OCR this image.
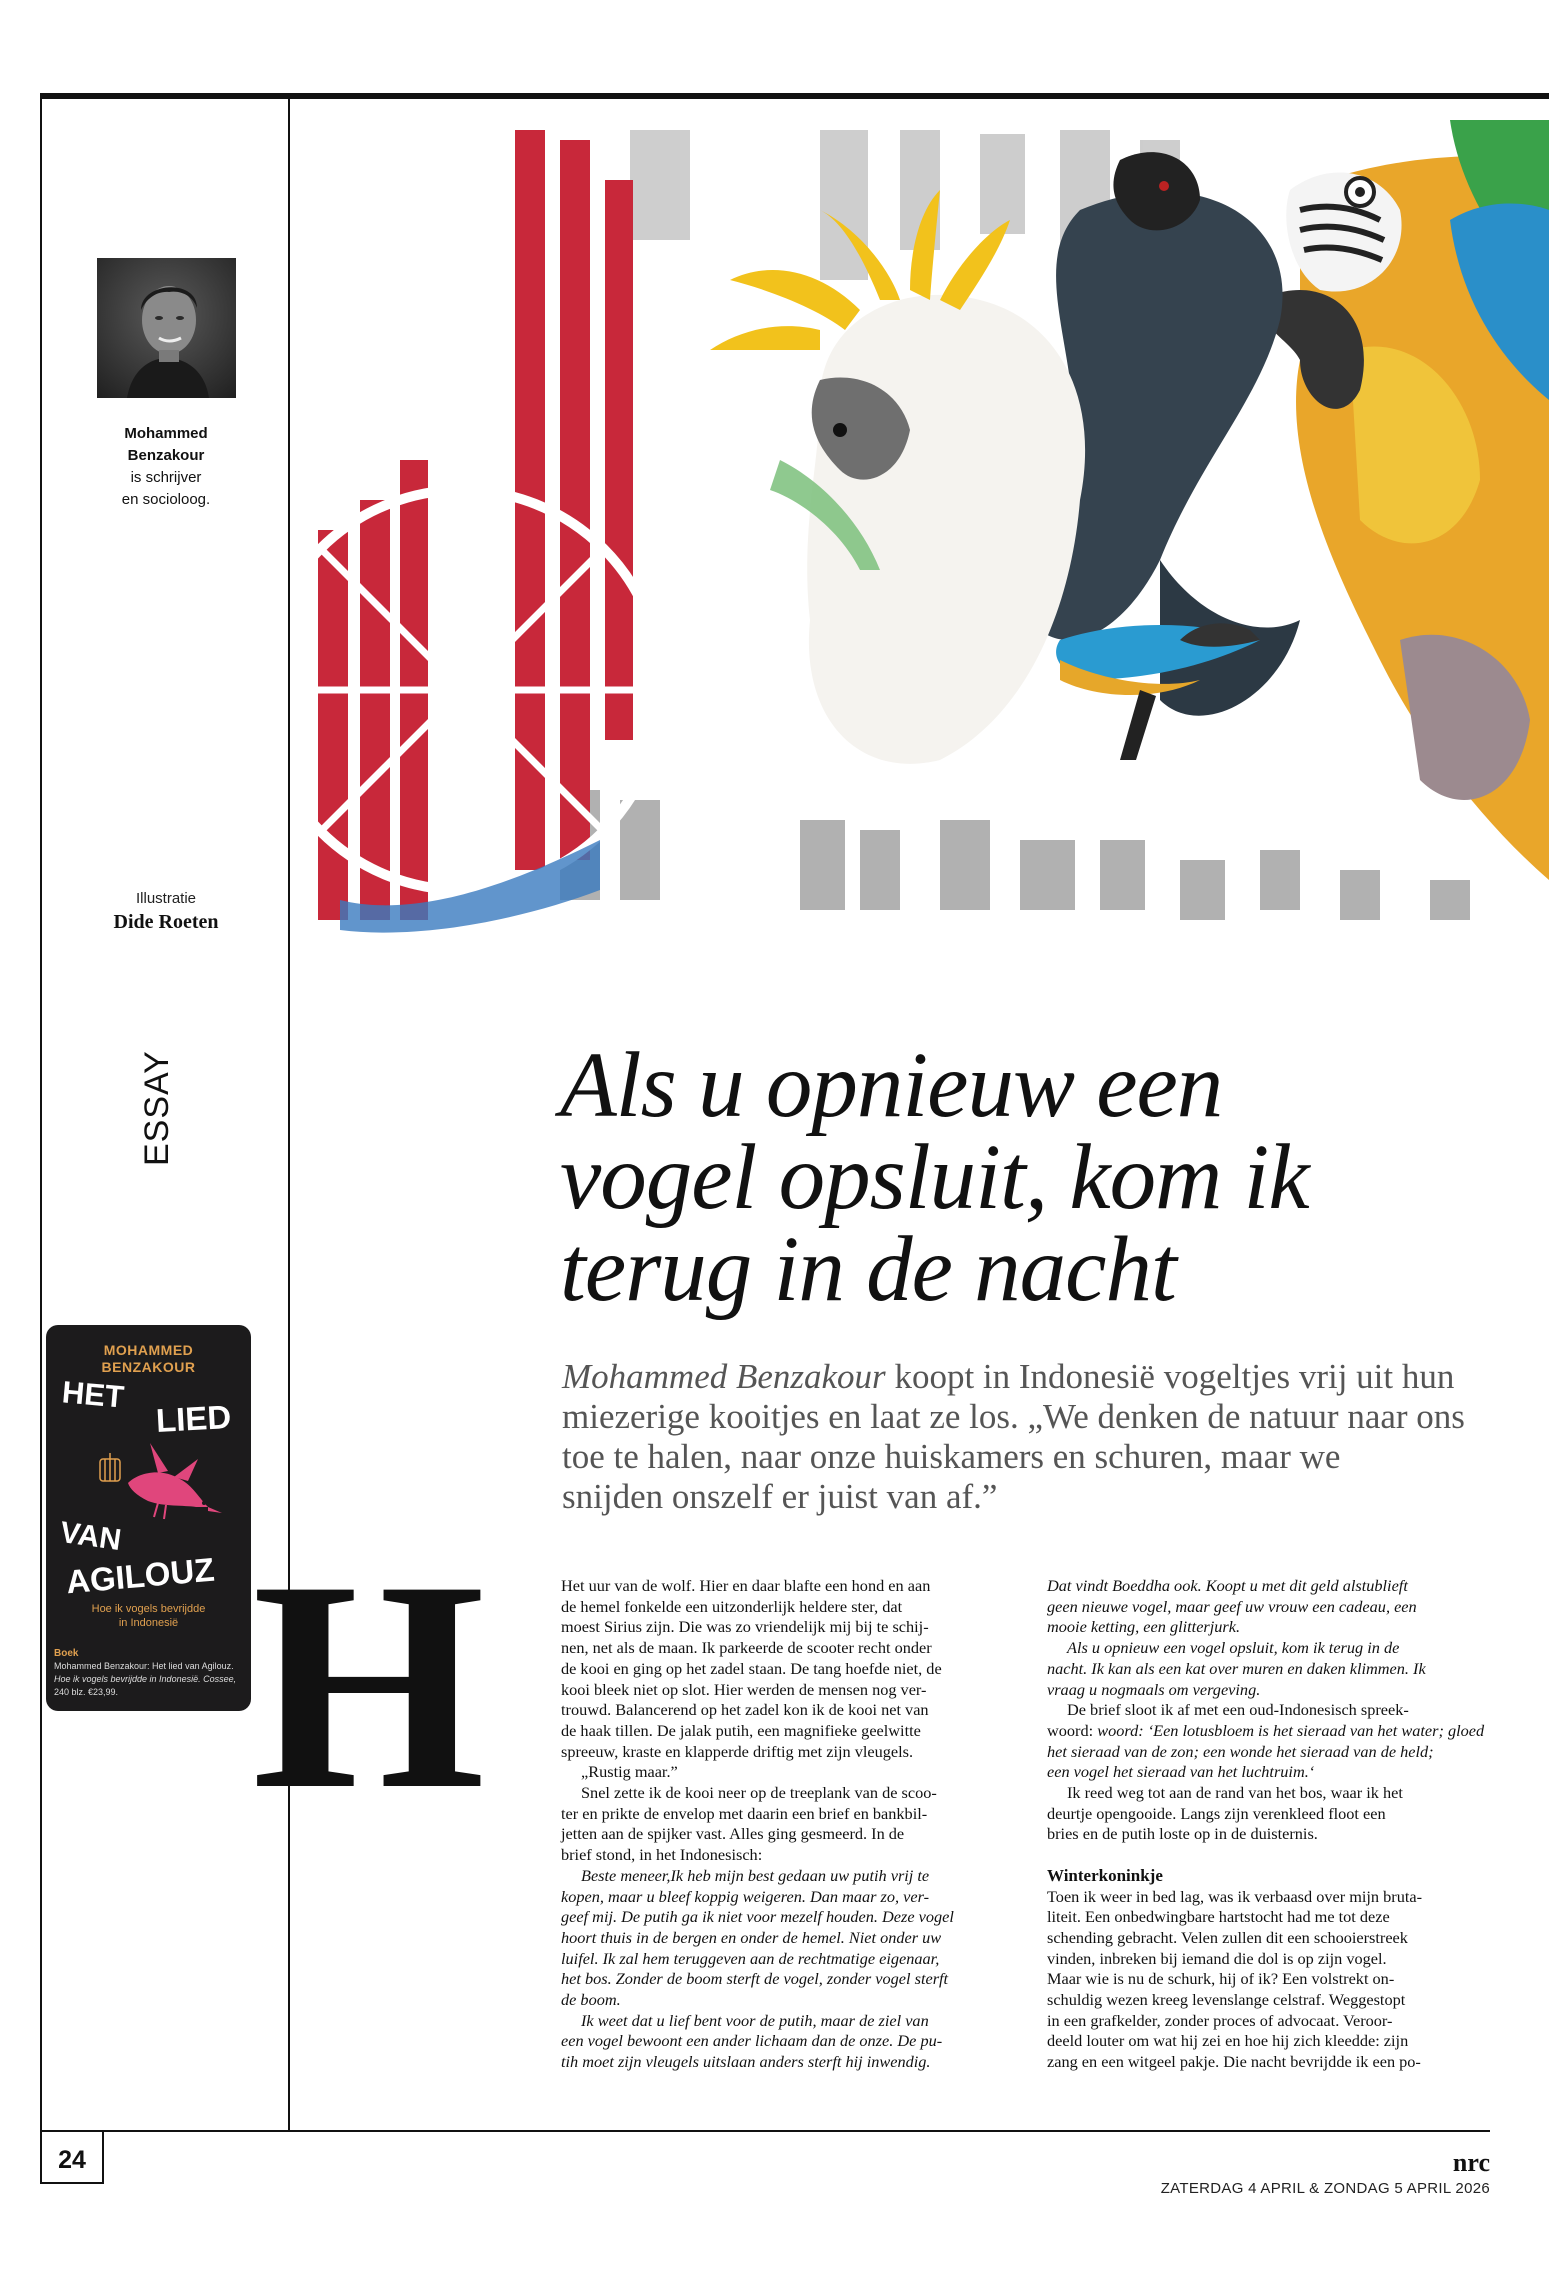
Mohammed Benzakour
is schrijver
en socioloog.
Illustratie
Dide Roeten
ESSAY
MOHAMMED
BENZAKOUR
HET
LIED
VAN
AGILOUZ
Hoe ik vogels bevrijdde
in Indonesië
Boek
Mohammed Benzakour: Het lied van Agilouz.
Hoe ik vogels bevrijdde in Indonesië. Cossee,
240 blz. €23,99.
Als u opnieuw een
vogel opsluit, kom ik
terug in de nacht
Mohammed Benzakour koopt in Indonesië vogeltjes vrij uit hun
miezerige kooitjes en laat ze los. „We denken de natuur naar ons
toe te halen, naar onze huiskamers en schuren, maar we
snijden onszelf er juist van af.”
H	Het uur van de wolf. Hier en daar blafte een hond en aan
de hemel fonkelde een uitzonderlijk heldere ster, dat
moest Sirius zijn. Die was zo vriendelijk mij bij te schij-
nen, net als de maan. Ik parkeerde de scooter recht onder
de kooi en ging op het zadel staan. De tang hoefde niet, de
kooi bleek niet op slot. Hier werden de mensen nog ver-
trouwd. Balancerend op het zadel kon ik de kooi net van
de haak tillen. De jalak putih, een magnifieke geelwitte
spreeuw, kraste en klapperde driftig met zijn vleugels.
„Rustig maar.”
Snel zette ik de kooi neer op de treeplank van de scoo-
ter en prikte de envelop met daarin een brief en bankbil-
jetten aan de spijker vast. Alles ging gesmeerd. In de
brief stond, in het Indonesisch:
Beste meneer,Ik heb mijn best gedaan uw putih vrij te
kopen, maar u bleef koppig weigeren. Dan maar zo, ver-
geef mij. De putih ga ik niet voor mezelf houden. Deze vogel
hoort thuis in de bergen en onder de hemel. Niet onder uw
luifel. Ik zal hem teruggeven aan de rechtmatige eigenaar,
het bos. Zonder de boom sterft de vogel, zonder vogel sterft
de boom.
Ik weet dat u lief bent voor de putih, maar de ziel van
een vogel bewoont een ander lichaam dan de onze. De pu-
tih moet zijn vleugels uitslaan anders sterft hij inwendig.
Dat vindt Boeddha ook. Koopt u met dit geld alstublieft
geen nieuwe vogel, maar geef uw vrouw een cadeau, een
mooie ketting, een glitterjurk.
Als u opnieuw een vogel opsluit, kom ik terug in de
nacht. Ik kan als een kat over muren en daken klimmen. Ik
vraag u nogmaals om vergeving.
De brief sloot ik af met een oud-Indonesisch spreek-
woord: woord: ‘Een lotusbloem is het sieraad van het water; gloed
het sieraad van de zon; een wonde het sieraad van de held;
een vogel het sieraad van het luchtruim.‘
Ik reed weg tot aan de rand van het bos, waar ik het
deurtje opengooide. Langs zijn verenkleed floot een
bries en de putih loste op in de duisternis.
Winterkoninkje
Toen ik weer in bed lag, was ik verbaasd over mijn bruta-
liteit. Een onbedwingbare hartstocht had me tot deze
schending gebracht. Velen zullen dit een schooierstreek
vinden, inbreken bij iemand die dol is op zijn vogel.
Maar wie is nu de schurk, hij of ik? Een volstrekt on-
schuldig wezen kreeg levenslange celstraf. Weggestopt
in een grafkelder, zonder proces of advocaat. Veroor-
deeld louter om wat hij zei en hoe hij zich kleedde: zijn
zang en een witgeel pakje. Die nacht bevrijdde ik een po-
24	nrc
ZATERDAG 4 APRIL & ZONDAG 5 APRIL 2026
